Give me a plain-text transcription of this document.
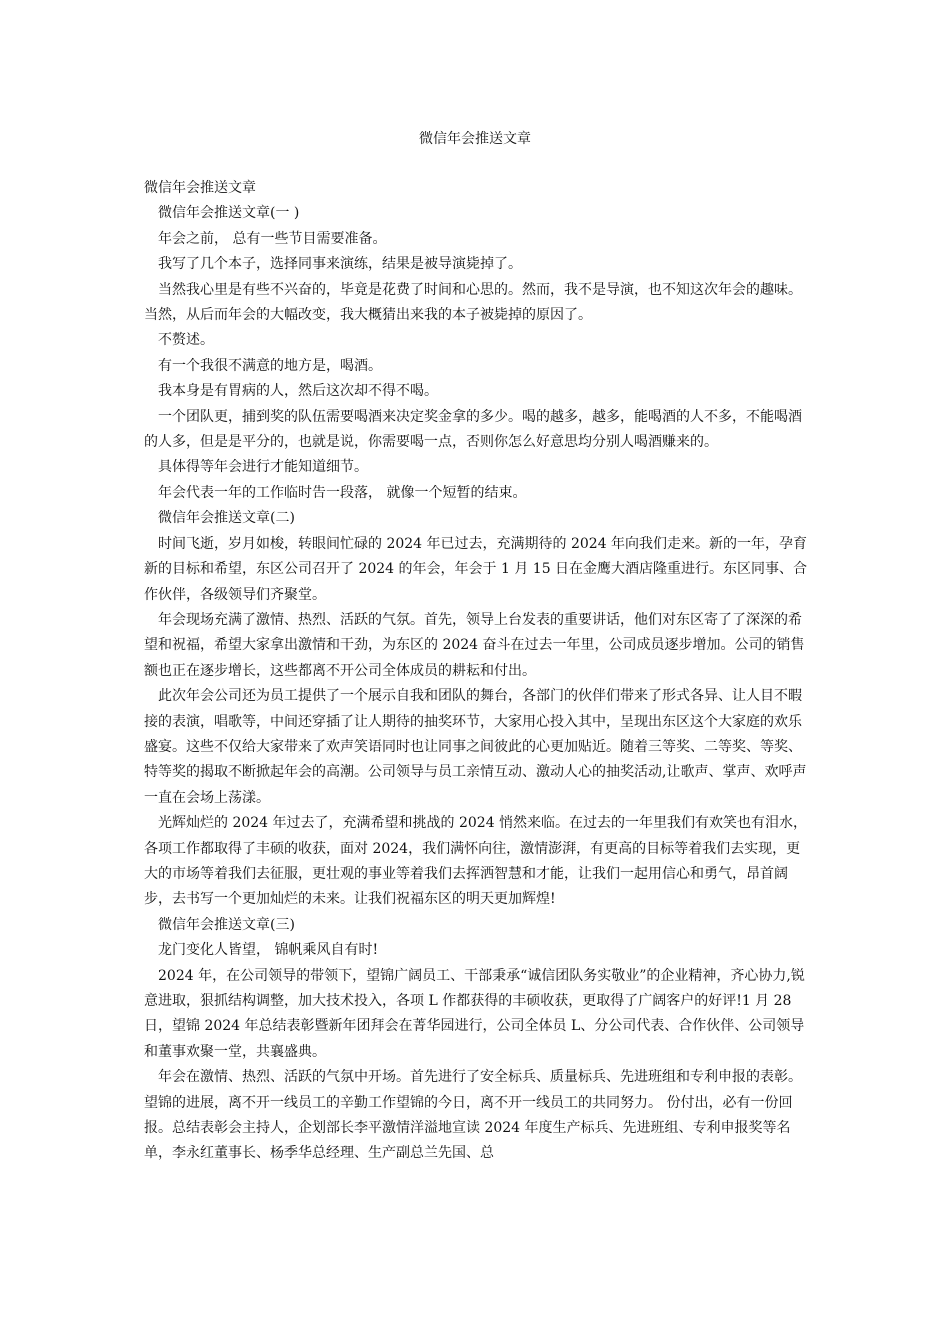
微信年会推送文章

微信年会推送文章

微信年会推送文章(一 )

年会之前， 总有一些节目需要准备。

我写了几个本子，选择同事来演练，结果是被导演毙掉了。

当然我心里是有些不兴奋的，毕竟是花费了时间和心思的。然而，我不是导演，也不知这次年会的趣味。当然，从后而年会的大幅改变，我大概猜出来我的本子被毙掉的原因了。

不赘述。

有一个我很不满意的地方是，喝酒。

我本身是有胃病的人，然后这次却不得不喝。

一个团队更，捕到奖的队伍需要喝酒来决定奖金拿的多少。喝的越多，越多，能喝酒的人不多，不能喝酒的人多，但是是平分的，也就是说，你需要喝一点，否则你怎么好意思均分别人喝酒赚来的。

具体得等年会进行才能知道细节。

年会代表一年的工作临时告一段落， 就像一个短暂的结束。

微信年会推送文章(二)

时间飞逝，岁月如梭，转眼间忙碌的 2024 年已过去，充满期待的 2024 年向我们走来。新的一年，孕育新的目标和希望，东区公司召开了 2024 的年会，年会于 1 月 15 日在金鹰大酒店隆重进行。东区同事、合作伙伴，各级领导们齐聚堂。

年会现场充满了激情、热烈、活跃的气氛。首先，领导上台发表的重要讲话，他们对东区寄了了深深的希望和祝福，希望大家拿出激情和干劲，为东区的 2024 奋斗在过去一年里，公司成员逐步增加。公司的销售额也正在逐步增长，这些都离不开公司全体成员的耕耘和付出。

此次年会公司还为员工提供了一个展示自我和团队的舞台，各部门的伙伴们带来了形式各异、让人目不暇接的表演，唱歌等，中间还穿插了让人期待的抽奖环节，大家用心投入其中，呈现出东区这个大家庭的欢乐盛宴。这些不仅给大家带来了欢声笑语同时也让同事之间彼此的心更加贴近。随着三等奖、二等奖、等奖、特等奖的揭取不断掀起年会的高潮。公司领导与员工亲情互动、激动人心的抽奖活动,让歌声、掌声、欢呼声一直在会场上荡漾。

光辉灿烂的 2024 年过去了，充满希望和挑战的 2024 悄然来临。在过去的一年里我们有欢笑也有泪水，各项工作都取得了丰硕的收获，面对 2024，我们满怀向往，激情澎湃，有更高的目标等着我们去实现，更大的市场等着我们去征服，更壮观的事业等着我们去挥洒智慧和才能，让我们一起用信心和勇气，昂首阔步，去书写一个更加灿烂的未来。让我们祝福东区的明天更加辉煌!

微信年会推送文章(三)

龙门变化人皆望， 锦帆乘风自有时!

2024 年，在公司领导的带领下，望锦广阔员工、干部秉承“诚信团队务实敬业”的企业精神，齐心协力,锐意进取，狠抓结构调整，加大技术投入，各项 L 作都获得的丰硕收获，更取得了广阔客户的好评!1 月 28 日，望锦 2024 年总结表彰暨新年团拜会在菁华园进行，公司全体员 L、分公司代表、合作伙伴、公司领导和董事欢聚一堂，共襄盛典。

年会在激情、热烈、活跃的气氛中开场。首先进行了安全标兵、质量标兵、先进班组和专利申报的表彰。望锦的进展，离不开一线员工的辛勤工作望锦的今日，离不开一线员工的共同努力。 份付出，必有一份回报。总结表彰会主持人，企划部长李平激情洋溢地宣读 2024 年度生产标兵、先进班组、专利申报奖等名单，李永红董事长、杨季华总经理、生产副总兰先国、总
